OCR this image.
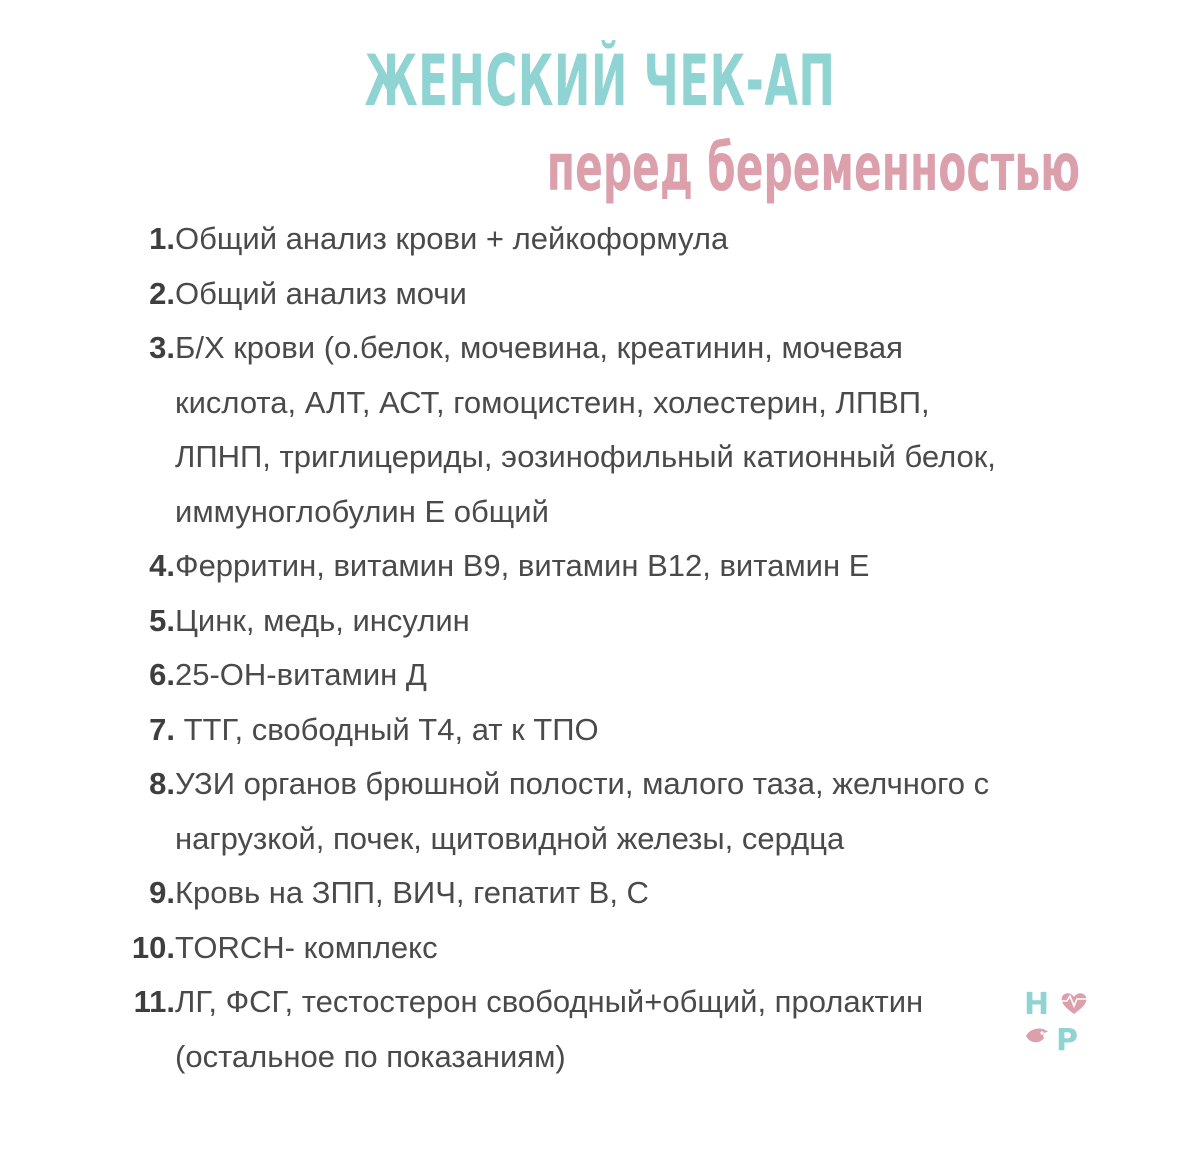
ЖЕНСКИЙ ЧЕК-АП
перед беременностью
1. Общий анализ крови + лейкоформула
2. Общий анализ мочи
3. Б/Х крови (о.белок, мочевина, креатинин, мочевая кислота, АЛТ, АСТ, гомоцистеин, холестерин, ЛПВП, ЛПНП, триглицериды, эозинофильный катионный белок, иммуноглобулин Е общий
4. Ферритин, витамин В9, витамин В12, витамин Е
5. Цинк, медь, инсулин
6. 25-ОН-витамин Д
7. ТТГ, свободный Т4, ат к ТПО
8. УЗИ органов брюшной полости, малого таза, желчного с нагрузкой, почек, щитовидной железы, сердца
9. Кровь на ЗПП, ВИЧ, гепатит В, С
10. TORCH- комплекс
11. ЛГ, ФСГ, тестостерон свободный+общий, пролактин (остальное по показаниям)
Н
Р
